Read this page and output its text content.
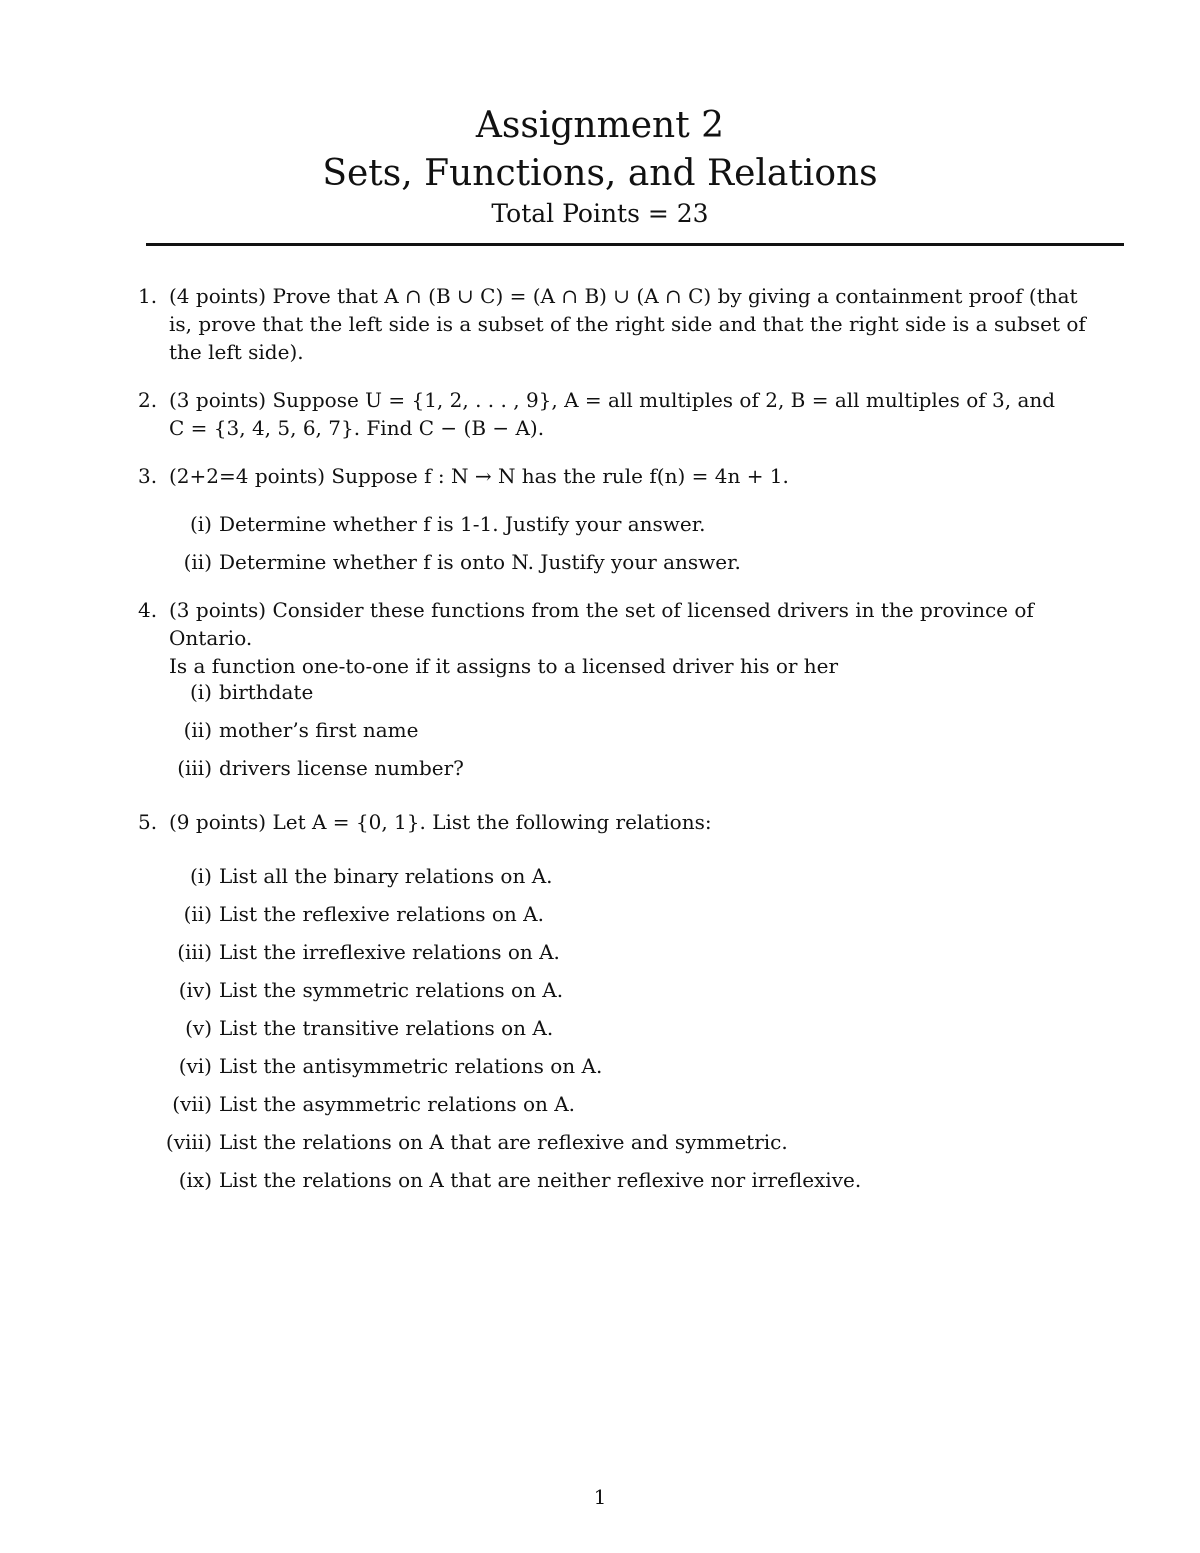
Assignment 2
Sets, Functions, and Relations
Total Points = 23
1. (4 points) Prove that A ∩ (B ∪ C) = (A ∩ B) ∪ (A ∩ C) by giving a containment proof (that
is, prove that the left side is a subset of the right side and that the right side is a subset of
the left side).
2. (3 points) Suppose U = {1, 2, . . . , 9}, A = all multiples of 2, B = all multiples of 3, and
C = {3, 4, 5, 6, 7}. Find C − (B − A).
3. (2+2=4 points) Suppose f : N → N has the rule f(n) = 4n + 1.
(i) Determine whether f is 1-1. Justify your answer.
(ii) Determine whether f is onto N. Justify your answer.
4. (3 points) Consider these functions from the set of licensed drivers in the province of Ontario.
Is a function one-to-one if it assigns to a licensed driver his or her
(i) birthdate
(ii) mother’s first name
(iii) drivers license number?
5. (9 points) Let A = {0, 1}. List the following relations:
(i) List all the binary relations on A.
(ii) List the reflexive relations on A.
(iii) List the irreflexive relations on A.
(iv) List the symmetric relations on A.
(v) List the transitive relations on A.
(vi) List the antisymmetric relations on A.
(vii) List the asymmetric relations on A.
(viii) List the relations on A that are reflexive and symmetric.
(ix) List the relations on A that are neither reflexive nor irreflexive.
1
